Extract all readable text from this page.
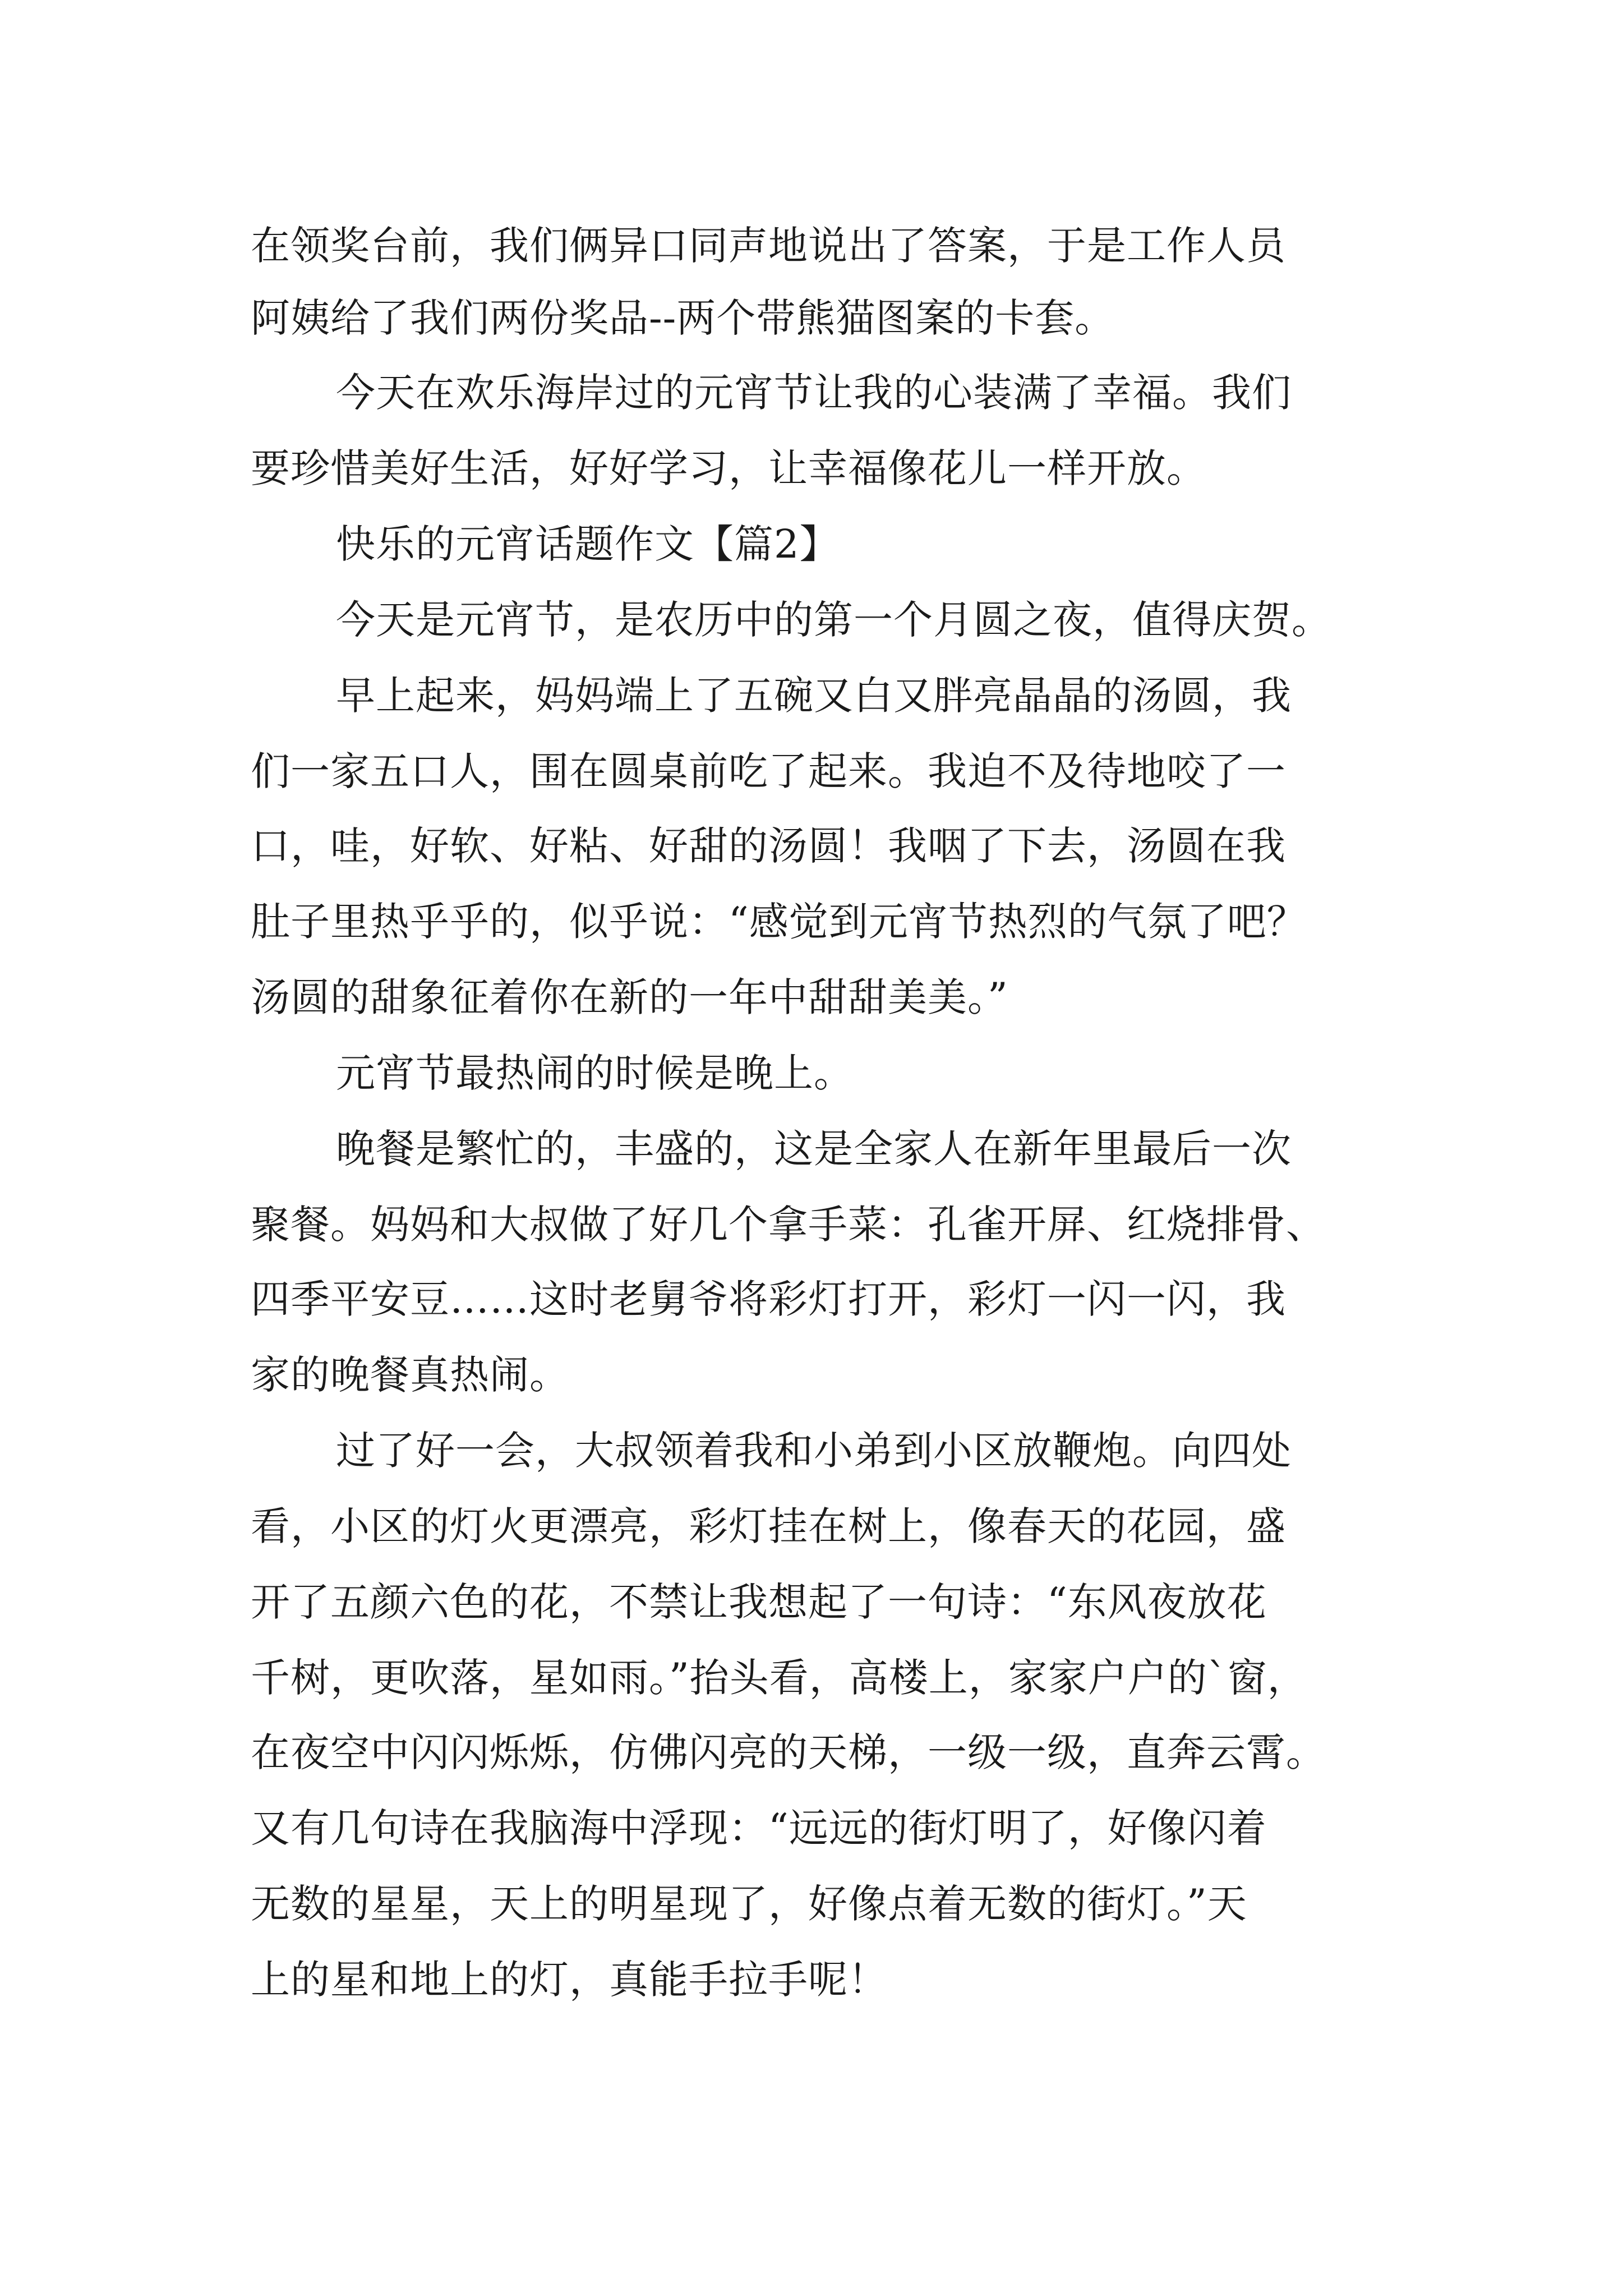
在领奖台前，我们俩异口同声地说出了答案，于是工作人员
阿姨给了我们两份奖品--两个带熊猫图案的卡套。
今天在欢乐海岸过的元宵节让我的心装满了幸福。我们
要珍惜美好生活，好好学习，让幸福像花儿一样开放。
快乐的元宵话题作文【篇2】
今天是元宵节，是农历中的第一个月圆之夜，值得庆贺。
早上起来，妈妈端上了五碗又白又胖亮晶晶的汤圆，我
们一家五口人，围在圆桌前吃了起来。我迫不及待地咬了一
口，哇，好软、好粘、好甜的汤圆！我咽了下去，汤圆在我
肚子里热乎乎的，似乎说：“感觉到元宵节热烈的气氛了吧？
汤圆的甜象征着你在新的一年中甜甜美美。”
元宵节最热闹的时候是晚上。
晚餐是繁忙的，丰盛的，这是全家人在新年里最后一次
聚餐。妈妈和大叔做了好几个拿手菜：孔雀开屏、红烧排骨、
四季平安豆……这时老舅爷将彩灯打开，彩灯一闪一闪，我
家的晚餐真热闹。
过了好一会，大叔领着我和小弟到小区放鞭炮。向四处
看，小区的灯火更漂亮，彩灯挂在树上，像春天的花园，盛
开了五颜六色的花，不禁让我想起了一句诗：“东风夜放花
千树，更吹落，星如雨。”抬头看，高楼上，家家户户的`窗，
在夜空中闪闪烁烁，仿佛闪亮的天梯，一级一级，直奔云霄。
又有几句诗在我脑海中浮现：“远远的街灯明了，好像闪着
无数的星星，天上的明星现了，好像点着无数的街灯。”天
上的星和地上的灯，真能手拉手呢！
